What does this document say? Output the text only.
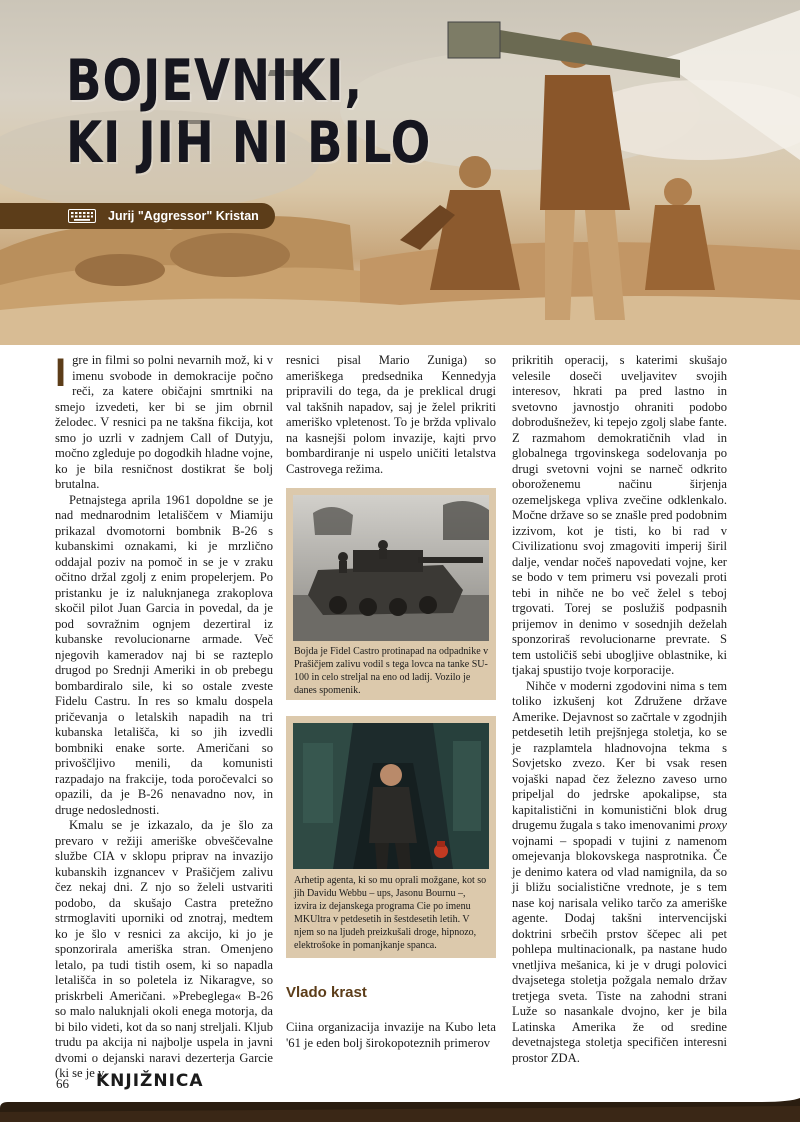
BOJEVNIKI,
KI JIH NI BILO
Jurij "Aggressor" Kristan

Igre in filmi so polni nevarnih mož, ki v imenu svobode in demokracije počno reči, za katere običajni smrtniki na smejo izvedeti, ker bi se jim obrnil želodec. V resnici pa ne takšna fikcija, kot smo jo uzrli v zadnjem Call of Dutyju, močno zgleduje po dogodkih hladne vojne, ko je bila resničnost dostikrat še bolj brutalna.

Petnajstega aprila 1961 dopoldne se je nad mednarodnim letališčem v Miamiju prikazal dvomotorni bombnik B-26 s kubanskimi oznakami, ki je mrzlično oddajal poziv na pomoč in se je v zraku očitno držal zgolj z enim propelerjem. Po pristanku je iz naluknjanega zrakoplova skočil pilot Juan Garcia in povedal, da je pod sovražnim ognjem dezertiral iz kubanske revolucionarne armade. Več njegovih kameradov naj bi se razteplo drugod po Srednji Ameriki in ob prebegu bombardiralo sile, ki so ostale zveste Fidelu Castru. In res so kmalu dospela pričevanja o letalskih napadih na tri kubanska letališča, ki so jih izvedli bombniki enake sorte. Američani so privoščljivo menili, da komunisti razpadajo na frakcije, toda poročevalci so opazili, da je B-26 nenavadno nov, in druge nedoslednosti.

Kmalu se je izkazalo, da je šlo za prevaro v režiji ameriške obveščevalne službe CIA v sklopu priprav na invazijo kubanskih izgnancev v Prašičjem zalivu čez nekaj dni. Z njo so želeli ustvariti podobo, da skušajo Castra pretežno strmoglaviti uporniki od znotraj, medtem ko je šlo v resnici za akcijo, ki jo je sponzorirala ameriška stran. Omenjeno letalo, pa tudi tistih osem, ki so napadla letališča in so poletela iz Nikaragve, so priskrbeli Američani. »Prebeglega« B-26 so malo naluknjali okoli enega motorja, da bi bilo videti, kot da so nanj streljali. Kljub trudu pa akcija ni najbolje uspela in javni dvomi o dejanski naravi dezerterja Garcie (ki se je v

resnici pisal Mario Zuniga) so ameriškega predsednika Kennedyja pripravili do tega, da je preklical drugi val takšnih napadov, saj je želel prikriti ameriško vpletenost. To je bržda vplivalo na kasnejši polom invazije, kajti prvo bombardiranje ni uspelo uničiti letalstva Castrovega režima.

Bojda je Fidel Castro protinapad na odpadnike v Prašičjem zalivu vodil s tega lovca na tanke SU-100 in celo streljal na eno od ladij. Vozilo je danes spomenik.
Arhetip agenta, ki so mu oprali možgane, kot so jih Davidu Webbu – ups, Jasonu Bournu –, izvira iz dejanskega programa Cie po imenu MKUltra v petdesetih in šestdesetih letih. V njem so na ljudeh preizkušali droge, hipnozo, elektrošoke in pomanjkanje spanca.
Vlado krast

Ciina organizacija invazije na Kubo leta '61 je eden bolj širokopoteznih primerov

prikritih operacij, s katerimi skušajo velesile doseči uveljavitev svojih interesov, hkrati pa pred lastno in svetovno javnostjo ohraniti podobo dobrodušnežev, ki tepejo zgolj slabe fante. Z razmahom demokratičnih vlad in globalnega trgovinskega sodelovanja po drugi svetovni vojni se narneč odkrito oboroženemu načinu širjenja ozemeljskega vpliva zvečine odklenkalo. Močne države so se znašle pred podobnim izzivom, kot je tisti, ko bi rad v Civilizationu svoj zmagoviti imperij širil dalje, vendar nočeš napovedati vojne, ker se bodo v tem primeru vsi povezali proti tebi in nihče ne bo več želel s teboj trgovati. Torej se poslužiš podpasnih prijemov in denimo v sosednjih deželah sponzoriraš revolucionarne prevrate. S tem ustoličiš sebi ubogljive oblastnike, ki tjakaj spustijo tvoje korporacije.

Nihče v moderni zgodovini nima s tem toliko izkušenj kot Združene države Amerike. Dejavnost so začrtale v zgodnjih petdesetih letih prejšnjega stoletja, ko se je razplamtela hladnovojna tekma s Sovjetsko zvezo. Ker bi vsak resen vojaški napad čez železno zaveso urno pripeljal do jedrske apokalipse, sta kapitalistični in komunistični blok drug drugemu žugala s tako imenovanimi proxy vojnami – spopadi v tujini z namenom omejevanja blokovskega nasprotnika. Če je denimo katera od vlad namignila, da so ji bližu socialistične vrednote, je s tem nase koj narisala veliko tarčo za ameriške agente. Dodaj takšni intervencijski doktrini srbečih prstov ščepec ali pet pohlepa multinacionalk, pa nastane hudo vnetljiva mešanica, ki je v drugi polovici dvajsetega stoletja požgala nemalo držav tretjega sveta. Tiste na zahodni strani Luže so nasankale dvojno, ker je bila Latinska Amerika že od sredine devetnajstega stoletja specifičen interesni prostor ZDA.

66 KNJIŽNICA
